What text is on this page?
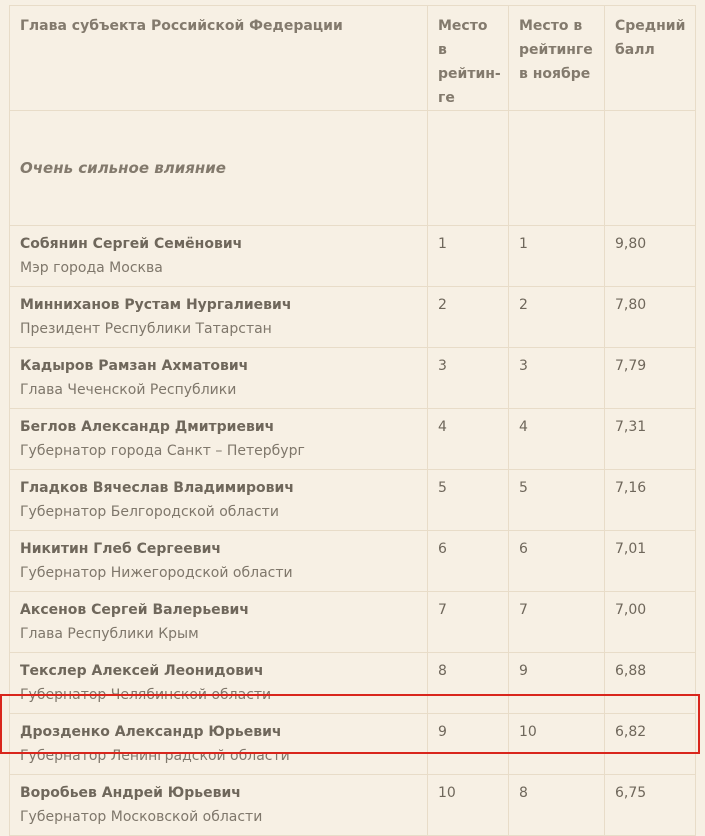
Глава субъекта Российской Федерации	Место в рейтин-ге	Место в рейтинге в ноябре	Средний балл
Очень сильное влияние			

Собянин Сергей Семёнович
Мэр города Москва	1	1	9,80

Минниханов Рустам Нургалиевич
Президент Республики Татарстан	2	2	7,80

Кадыров Рамзан Ахматович
Глава Чеченской Республики	3	3	7,79

Беглов Александр Дмитриевич
Губернатор города Санкт – Петербург	4	4	7,31

Гладков Вячеслав Владимирович
Губернатор Белгородской области	5	5	7,16

Никитин Глеб Сергеевич
Губернатор Нижегородской области	6	6	7,01

Аксенов Сергей Валерьевич
Глава Республики Крым	7	7	7,00

Текслер Алексей Леонидович
Губернатор Челябинской области	8	9	6,88

Дрозденко Александр Юрьевич
Губернатор Ленинградской области	9	10	6,82

Воробьев Андрей Юрьевич
Губернатор Московской области	10	8	6,75
